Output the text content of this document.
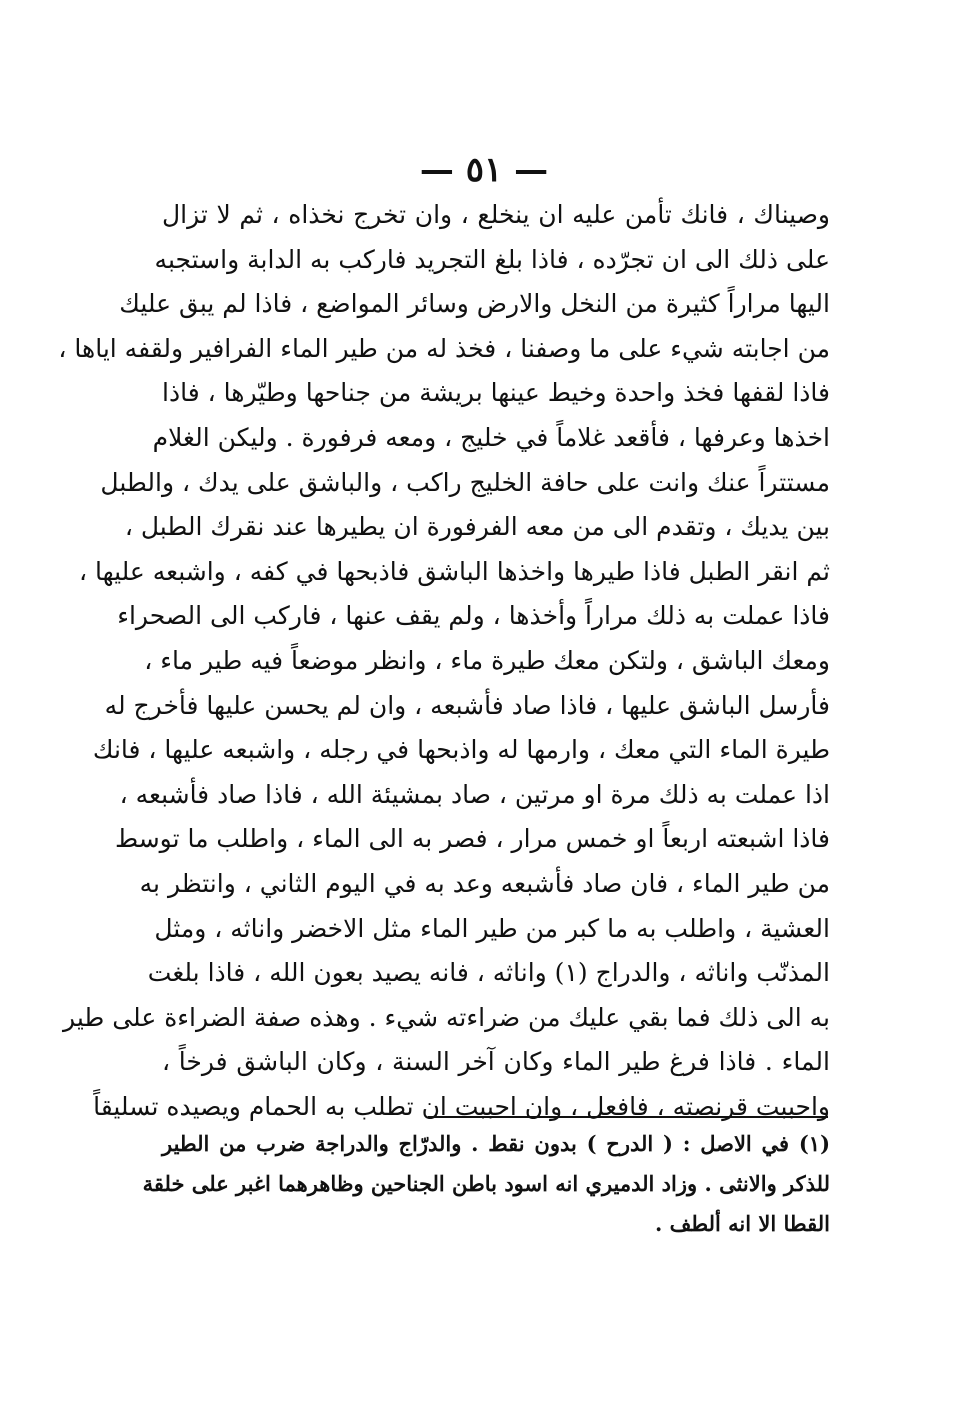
— ٥١ —
وصيناك ، فانك تأمن عليه ان ينخلع ، وان تخرج نخذاه ، ثم لا تزال
على ذلك الى ان تجرّده ، فاذا بلغ التجريد فاركب به الدابة واستجبه
اليها مراراً كثيرة من النخل والارض وسائر المواضع ، فاذا لم يبق عليك
من اجابته شيء على ما وصفنا ، فخذ له من طير الماء الفرافير ولقفه اياها ،
فاذا لقفها فخذ واحدة وخيط عينها بريشة من جناحها وطيّرها ، فاذا
اخذها وعرفها ، فأقعد غلاماً في خليج ، ومعه فرفورة . وليكن الغلام
مستتراً عنك وانت على حافة الخليج راكب ، والباشق على يدك ، والطبل
بين يديك ، وتقدم الى من معه الفرفورة ان يطيرها عند نقرك الطبل ،
ثم انقر الطبل فاذا طيرها واخذها الباشق فاذبحها في كفه ، واشبعه عليها ،
فاذا عملت به ذلك مراراً وأخذها ، ولم يقف عنها ، فاركب الى الصحراء
ومعك الباشق ، ولتكن معك طيرة ماء ، وانظر موضعاً فيه طير ماء ،
فأرسل الباشق عليها ، فاذا صاد فأشبعه ، وان لم يحسن عليها فأخرج له
طيرة الماء التي معك ، وارمها له واذبحها في رجله ، واشبعه عليها ، فانك
اذا عملت به ذلك مرة او مرتين ، صاد بمشيئة الله ، فاذا صاد فأشبعه ،
فاذا اشبعته اربعاً او خمس مرار ، فصر به الى الماء ، واطلب ما توسط
من طير الماء ، فان صاد فأشبعه وعد به في اليوم الثاني ، وانتظر به
العشية ، واطلب به ما كبر من طير الماء مثل الاخضر واناثه ، ومثل
المذنّب واناثه ، والدراج (١) واناثه ، فانه يصيد بعون الله ، فاذا بلغت
به الى ذلك فما بقي عليك من ضراءته شيء . وهذه صفة الضراءة على طير
الماء . فاذا فرغ طير الماء وكان آخر السنة ، وكان الباشق فرخاً ،
واحببت قرنصته ، فافعل ، وان احببت ان تطلب به الحمام ويصيده تسليقاً
(١) في الاصل : ( الدرح ) بدون نقط . والدرّاج والدراجة ضرب من الطير
للذكر والانثى . وزاد الدميري انه اسود باطن الجناحين وظاهرهما اغبر على خلقة
القطا الا انه ألطف .
